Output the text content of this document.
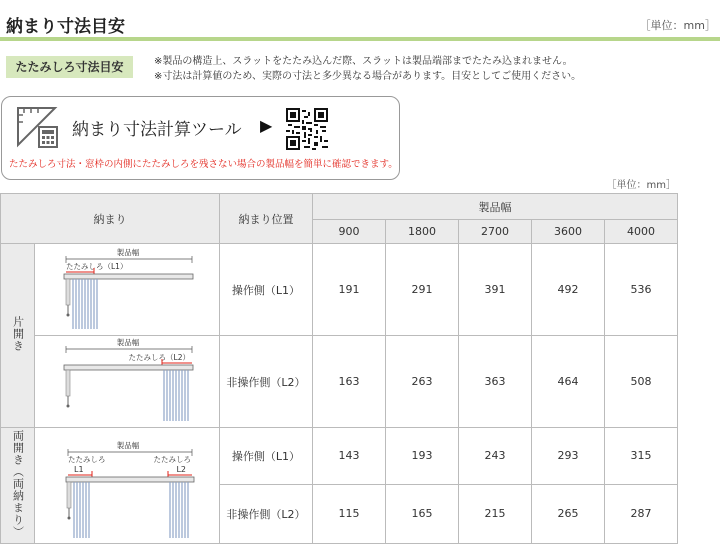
納まり寸法目安	［単位：mm］
たたみしろ寸法目安	※製品の構造上、スラットをたたみ込んだ際、スラットは製品端部までたたみ込まれません。
※寸法は計算値のため、実際の寸法と多少異なる場合があります。目安としてご使用ください。
納まり寸法計算ツール ▶
たたみしろ寸法・窓枠の内側にたたみしろを残さない場合の製品幅を簡単に確認できます。
［単位：mm］
納まり		納まり位置	製品幅				
			900	1800	2700	3600	4000
片開き	製品幅
たたみしろ（L1）	操作側（L1）	191	291	391	492	536

製品幅
たたみしろ（L2）	非操作側（L2）	163	263	363	464	508
両開き（両納まり）	製品幅
たたみしろ たたみしろ
L1 L2	操作側（L1）	143	193	243	293	315
		非操作側（L2）	115	165	215	265	287
